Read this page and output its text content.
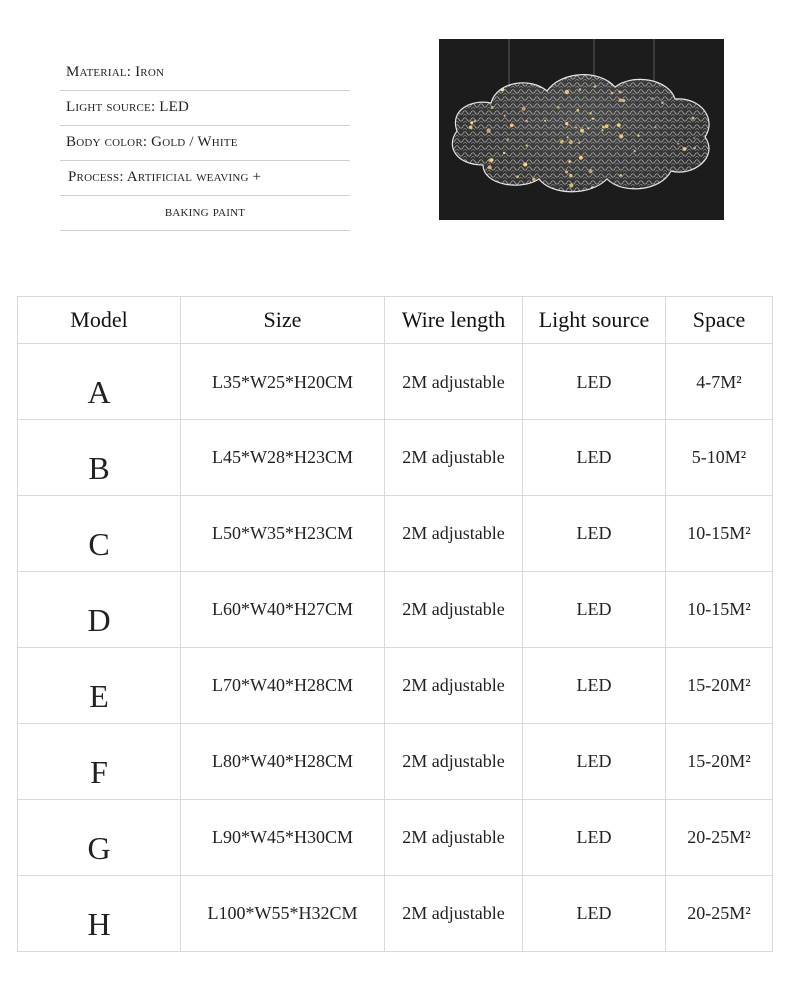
Material: Iron
Light source: LED
Body color: Gold / White
Process: Artificial weaving +
baking paint
Model	Size	Wire length	Light source	Space
A	L35*W25*H20CM	2M adjustable	LED	4-7M²
B	L45*W28*H23CM	2M adjustable	LED	5-10M²
C	L50*W35*H23CM	2M adjustable	LED	10-15M²
D	L60*W40*H27CM	2M adjustable	LED	10-15M²
E	L70*W40*H28CM	2M adjustable	LED	15-20M²
F	L80*W40*H28CM	2M adjustable	LED	15-20M²
G	L90*W45*H30CM	2M adjustable	LED	20-25M²
H	L100*W55*H32CM	2M adjustable	LED	20-25M²
